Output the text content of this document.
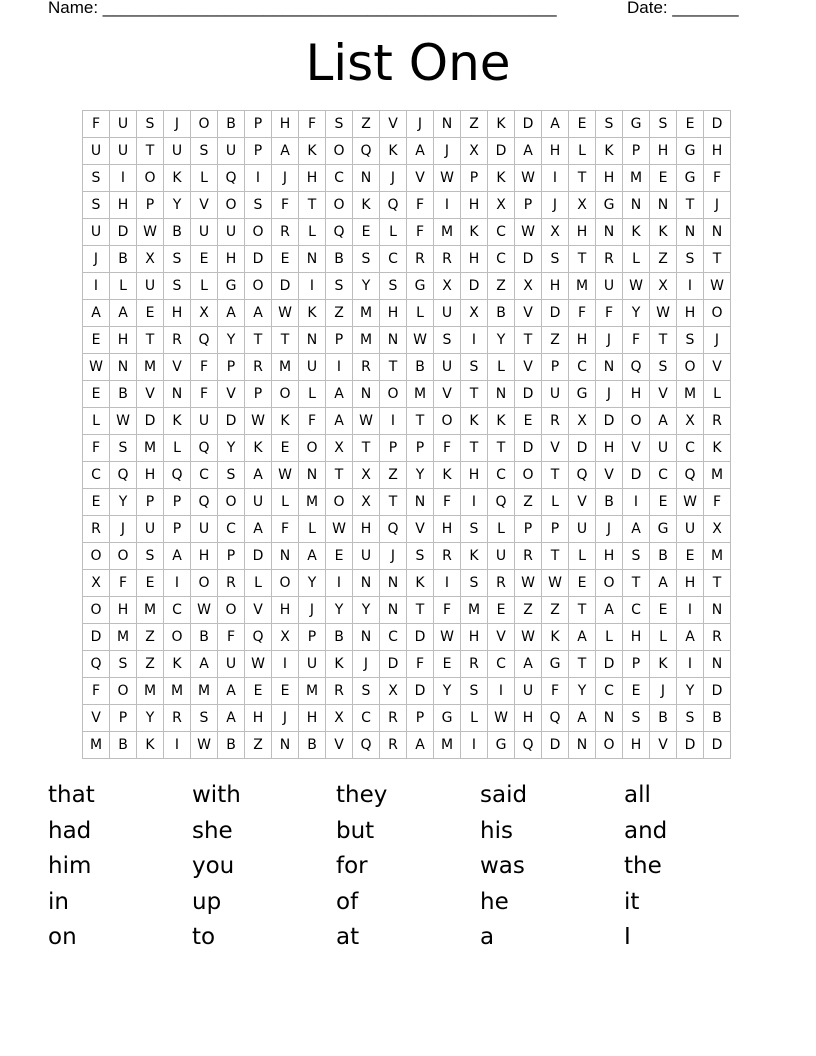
Name: ________________________________________________	Date: _______
List One
F	U	S	J	O	B	P	H	F	S	Z	V	J	N	Z	K	D	A	E	S	G	S	E	D
U	U	T	U	S	U	P	A	K	O	Q	K	A	J	X	D	A	H	L	K	P	H	G	H
S	I	O	K	L	Q	I	J	H	C	N	J	V	W	P	K	W	I	T	H	M	E	G	F
S	H	P	Y	V	O	S	F	T	O	K	Q	F	I	H	X	P	J	X	G	N	N	T	J
U	D	W	B	U	U	O	R	L	Q	E	L	F	M	K	C	W	X	H	N	K	K	N	N
J	B	X	S	E	H	D	E	N	B	S	C	R	R	H	C	D	S	T	R	L	Z	S	T
I	L	U	S	L	G	O	D	I	S	Y	S	G	X	D	Z	X	H	M	U	W	X	I	W
A	A	E	H	X	A	A	W	K	Z	M	H	L	U	X	B	V	D	F	F	Y	W	H	O
E	H	T	R	Q	Y	T	T	N	P	M	N	W	S	I	Y	T	Z	H	J	F	T	S	J
W	N	M	V	F	P	R	M	U	I	R	T	B	U	S	L	V	P	C	N	Q	S	O	V
E	B	V	N	F	V	P	O	L	A	N	O	M	V	T	N	D	U	G	J	H	V	M	L
L	W	D	K	U	D	W	K	F	A	W	I	T	O	K	K	E	R	X	D	O	A	X	R
F	S	M	L	Q	Y	K	E	O	X	T	P	P	F	T	T	D	V	D	H	V	U	C	K
C	Q	H	Q	C	S	A	W	N	T	X	Z	Y	K	H	C	O	T	Q	V	D	C	Q	M
E	Y	P	P	Q	O	U	L	M	O	X	T	N	F	I	Q	Z	L	V	B	I	E	W	F
R	J	U	P	U	C	A	F	L	W	H	Q	V	H	S	L	P	P	U	J	A	G	U	X
O	O	S	A	H	P	D	N	A	E	U	J	S	R	K	U	R	T	L	H	S	B	E	M
X	F	E	I	O	R	L	O	Y	I	N	N	K	I	S	R	W	W	E	O	T	A	H	T
O	H	M	C	W	O	V	H	J	Y	Y	N	T	F	M	E	Z	Z	T	A	C	E	I	N
D	M	Z	O	B	F	Q	X	P	B	N	C	D	W	H	V	W	K	A	L	H	L	A	R
Q	S	Z	K	A	U	W	I	U	K	J	D	F	E	R	C	A	G	T	D	P	K	I	N
F	O	M	M	M	A	E	E	M	R	S	X	D	Y	S	I	U	F	Y	C	E	J	Y	D
V	P	Y	R	S	A	H	J	H	X	C	R	P	G	L	W	H	Q	A	N	S	B	S	B
M	B	K	I	W	B	Z	N	B	V	Q	R	A	M	I	G	Q	D	N	O	H	V	D	D
that	with	they	said	all
had	she	but	his	and
him	you	for	was	the
in	up	of	he	it
on	to	at	a	I
